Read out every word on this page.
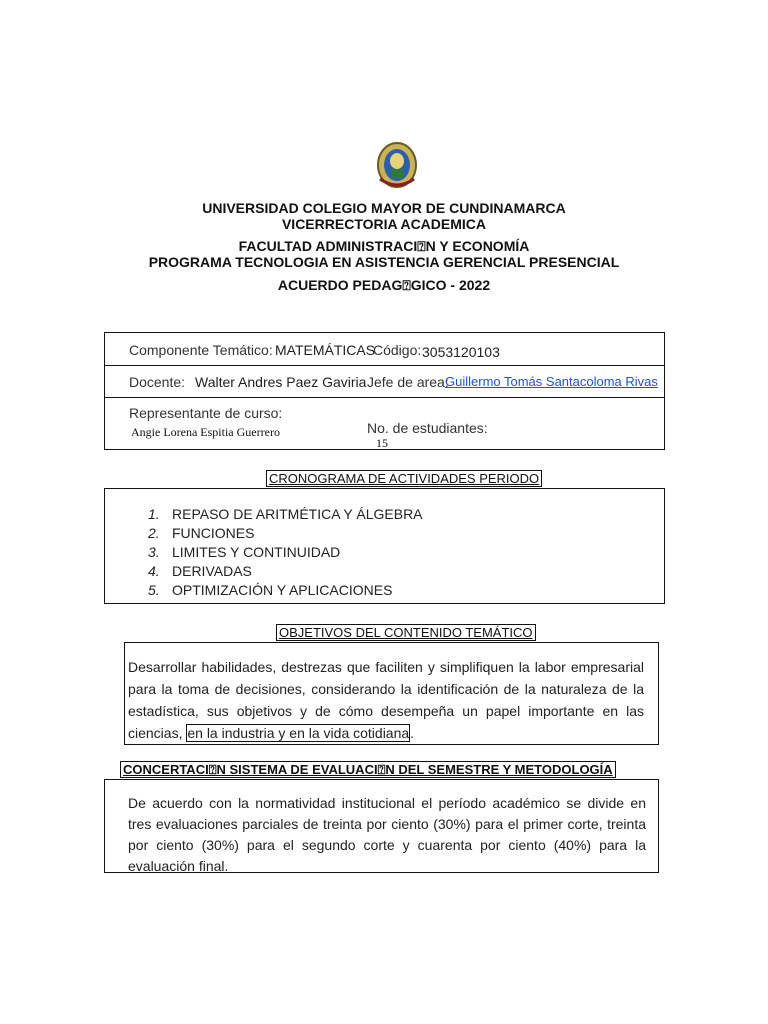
UNIVERSIDAD COLEGIO MAYOR DE CUNDINAMARCA
VICERRECTORIA ACADEMICA
FACULTAD ADMINISTRACI⍰N Y ECONOMÍA
PROGRAMA TECNOLOGIA EN ASISTENCIA GERENCIAL PRESENCIAL
ACUERDO PEDAG⍰GICO - 2022
Componente Temático: MATEMÁTICAS
Código: 3053120103
Docente: Walter Andres Paez Gaviria Jefe de area:
Guillermo Tomás Santacoloma Rivas
Representante de curso:
Angie Lorena Espitia Guerrero	No. de estudiantes:
15
CRONOGRAMA DE ACTIVIDADES PERIODO
1. REPASO DE ARITMÉTICA Y ÁLGEBRA
2. FUNCIONES
3. LIMITES Y CONTINUIDAD
4. DERIVADAS
5. OPTIMIZACIÓN Y APLICACIONES
OBJETIVOS DEL CONTENIDO TEMÁTICO
Desarrollar habilidades, destrezas que faciliten y simplifiquen la labor empresarial para la toma de decisiones, considerando la identificación de la naturaleza de la estadística, sus objetivos y de cómo desempeña un papel importante en las ciencias, en la industria y en la vida cotidiana.
CONCERTACI⍰N SISTEMA DE EVALUACI⍰N DEL SEMESTRE Y METODOLOGÍA
De acuerdo con la normatividad institucional el período académico se divide en tres evaluaciones parciales de treinta por ciento (30%) para el primer corte, treinta por ciento (30%) para el segundo corte y cuarenta por ciento (40%) para la evaluación final.
